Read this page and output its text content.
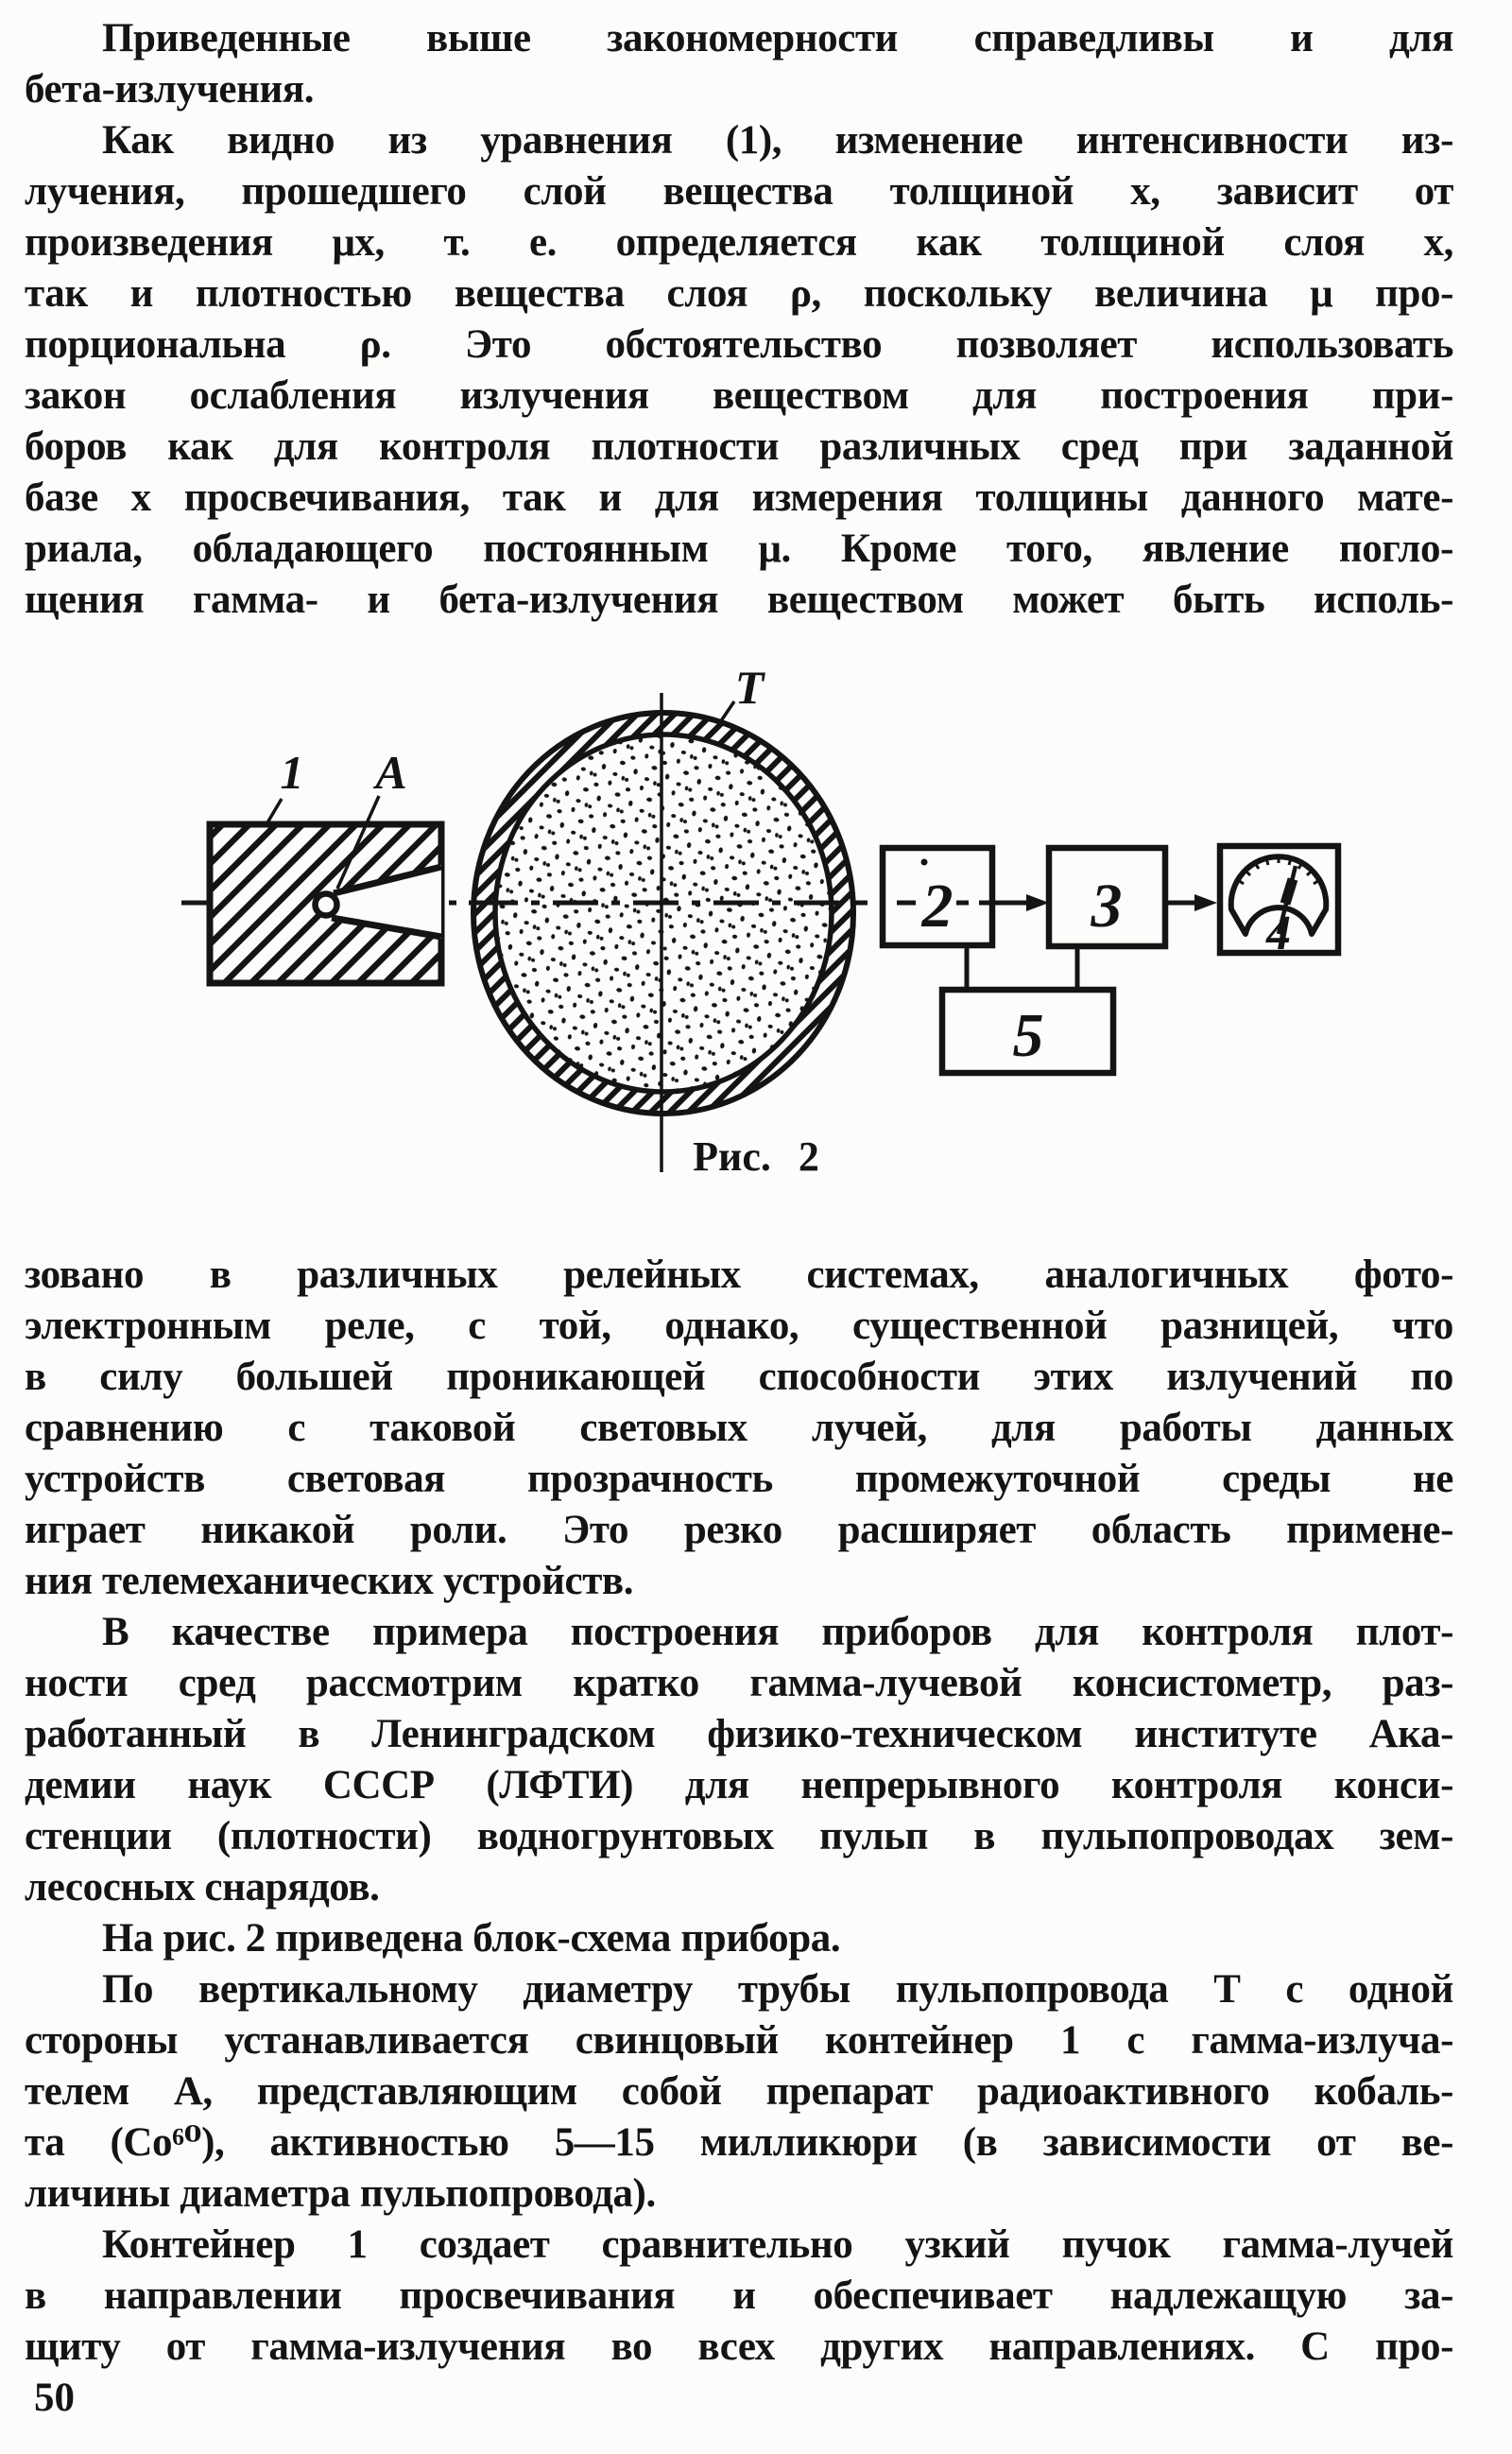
Приведенные выше закономерности справедливы и для
бета-излучения.
Как видно из уравнения (1), изменение интенсивности из-
лучения, прошедшего слой вещества толщиной х, зависит от
произведения μх, т. е. определяется как толщиной слоя х,
так и плотностью вещества слоя ρ, поскольку величина μ про-
порциональна ρ. Это обстоятельство позволяет использовать
закон ослабления излучения веществом для построения при-
боров как для контроля плотности различных сред при заданной
базе х просвечивания, так и для измерения толщины данного мате-
риала, обладающего постоянным μ. Кроме того, явление погло-
щения гамма- и бета-излучения веществом может быть исполь-
1 А
Т
2 3	4
5
Рис. 2
зовано в различных релейных системах, аналогичных фото-
электронным реле, с той, однако, существенной разницей, что
в силу большей проникающей способности этих излучений по
сравнению с таковой световых лучей, для работы данных
устройств световая прозрачность промежуточной среды не
играет никакой роли. Это резко расширяет область примене-
ния телемеханических устройств.
В качестве примера построения приборов для контроля плот-
ности сред рассмотрим кратко гамма-лучевой консистометр, раз-
работанный в Ленинградском физико-техническом институте Ака-
демии наук СССР (ЛФТИ) для непрерывного контроля конси-
стенции (плотности) водногрунтовых пульп в пульпопроводах зем-
лесосных снарядов.
На рис. 2 приведена блок-схема прибора.
По вертикальному диаметру трубы пульпопровода Т с одной
стороны устанавливается свинцовый контейнер 1 с гамма-излуча-
телем А, представляющим собой препарат радиоактивного кобаль-
та (Со⁶⁰), активностью 5—15 милликюри (в зависимости от ве-
личины диаметра пульпопровода).
Контейнер 1 создает сравнительно узкий пучок гамма-лучей
в направлении просвечивания и обеспечивает надлежащую за-
щиту от гамма-излучения во всех других направлениях. С про-
50
